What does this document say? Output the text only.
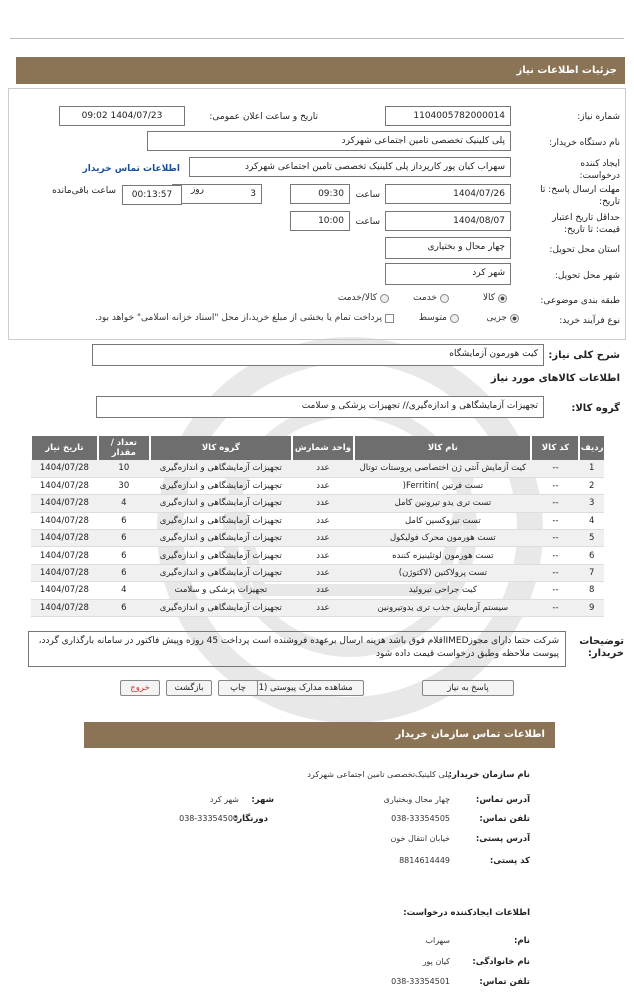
جزئیات اطلاعات نیاز
شماره نیاز:
1104005782000014
تاریخ و ساعت اعلان عمومی:
1404/07/23 09:02
نام دستگاه خریدار:
پلی کلینیک تخصصی تامین اجتماعی شهرکرد
ایجاد کننده درخواست:
سهراب کیان پور کارپرداز پلی کلینیک تخصصی تامین اجتماعی شهرکرد
اطلاعات تماس خریدار
مهلت ارسال پاسخ: تا تاریخ:
1404/07/26
ساعت
09:30
3
روز
00:13:57
ساعت باقی‌مانده
حداقل تاریخ اعتبار قیمت: تا تاریخ:
1404/08/07
ساعت
10:00
استان محل تحویل:
چهار محال و بختیاری
شهر محل تحویل:
شهر کرد
طبقه بندی موضوعی:
کالا
خدمت
کالا/خدمت
نوع فرآیند خرید:
جزیی
متوسط
پرداخت تمام یا بخشی از مبلغ خرید،از محل "اسناد خزانه اسلامی" خواهد بود.
شرح کلی نیاز:
کیت هورمون آزمایشگاه
اطلاعات کالاهای مورد نیاز
گروه کالا:
تجهیزات آزمایشگاهی و اندازه‌گیری// تجهیزات پزشکی و سلامت
ردیف	کد کالا	نام کالا	واحد شمارش	گروه کالا	تعداد / مقدار	تاریخ نیاز
1	--	کیت آزمایش آنتی ژن اختصاصی پروستات توتال	عدد	تجهیزات آزمایشگاهی و اندازه‌گیری	10	1404/07/28
2	--	تست فرتین )Ferritin(	عدد	تجهیزات آزمایشگاهی و اندازه‌گیری	30	1404/07/28
3	--	تست تری یدو تیرونین کامل	عدد	تجهیزات آزمایشگاهی و اندازه‌گیری	4	1404/07/28
4	--	تست تیروکسین کامل	عدد	تجهیزات آزمایشگاهی و اندازه‌گیری	6	1404/07/28
5	--	تست هورمون محرک فولیکول	عدد	تجهیزات آزمایشگاهی و اندازه‌گیری	6	1404/07/28
6	--	تست هورمون لوتئینیزه کننده	عدد	تجهیزات آزمایشگاهی و اندازه‌گیری	6	1404/07/28
7	--	تست پرولاکتین (لاکتوژن)	عدد	تجهیزات آزمایشگاهی و اندازه‌گیری	6	1404/07/28
8	--	کیت جراحی تیروئید	عدد	تجهیزات پزشکی و سلامت	4	1404/07/28
9	--	سیستم آزمایش جذب تری یدوتیرونین	عدد	تجهیزات آزمایشگاهی و اندازه‌گیری	6	1404/07/28
توضیحات خریدار:
شرکت حتما دارای مجوزIMEDاقلام فوق باشد هزینه ارسال برعهده فروشنده است پرداخت 45 روزه وپیش فاکتور در سامانه بارگذاری گردد، پیوست ملاحظه وطبق درخواست قیمت داده شود
پاسخ به نیاز
مشاهده مدارک پیوستی (1
چاپ
بازگشت
خروج
اطلاعات تماس سازمان خریدار
نام سازمان خریدار:
پلی کلینیک‌تخصصی تامین اجتماعی شهرکرد
آدرس تماس:
چهار محال وبختیاری
شهر:
شهر کرد
تلفن تماس:
038-33354505
دورنگار:
038-33354500
آدرس پستی:
خیابان انتقال خون
کد پستی:
8814614449
اطلاعات ایجادکننده درخواست:
نام:
سهراب
نام خانوادگی:
کیان پور
تلفن تماس:
038-33354501
